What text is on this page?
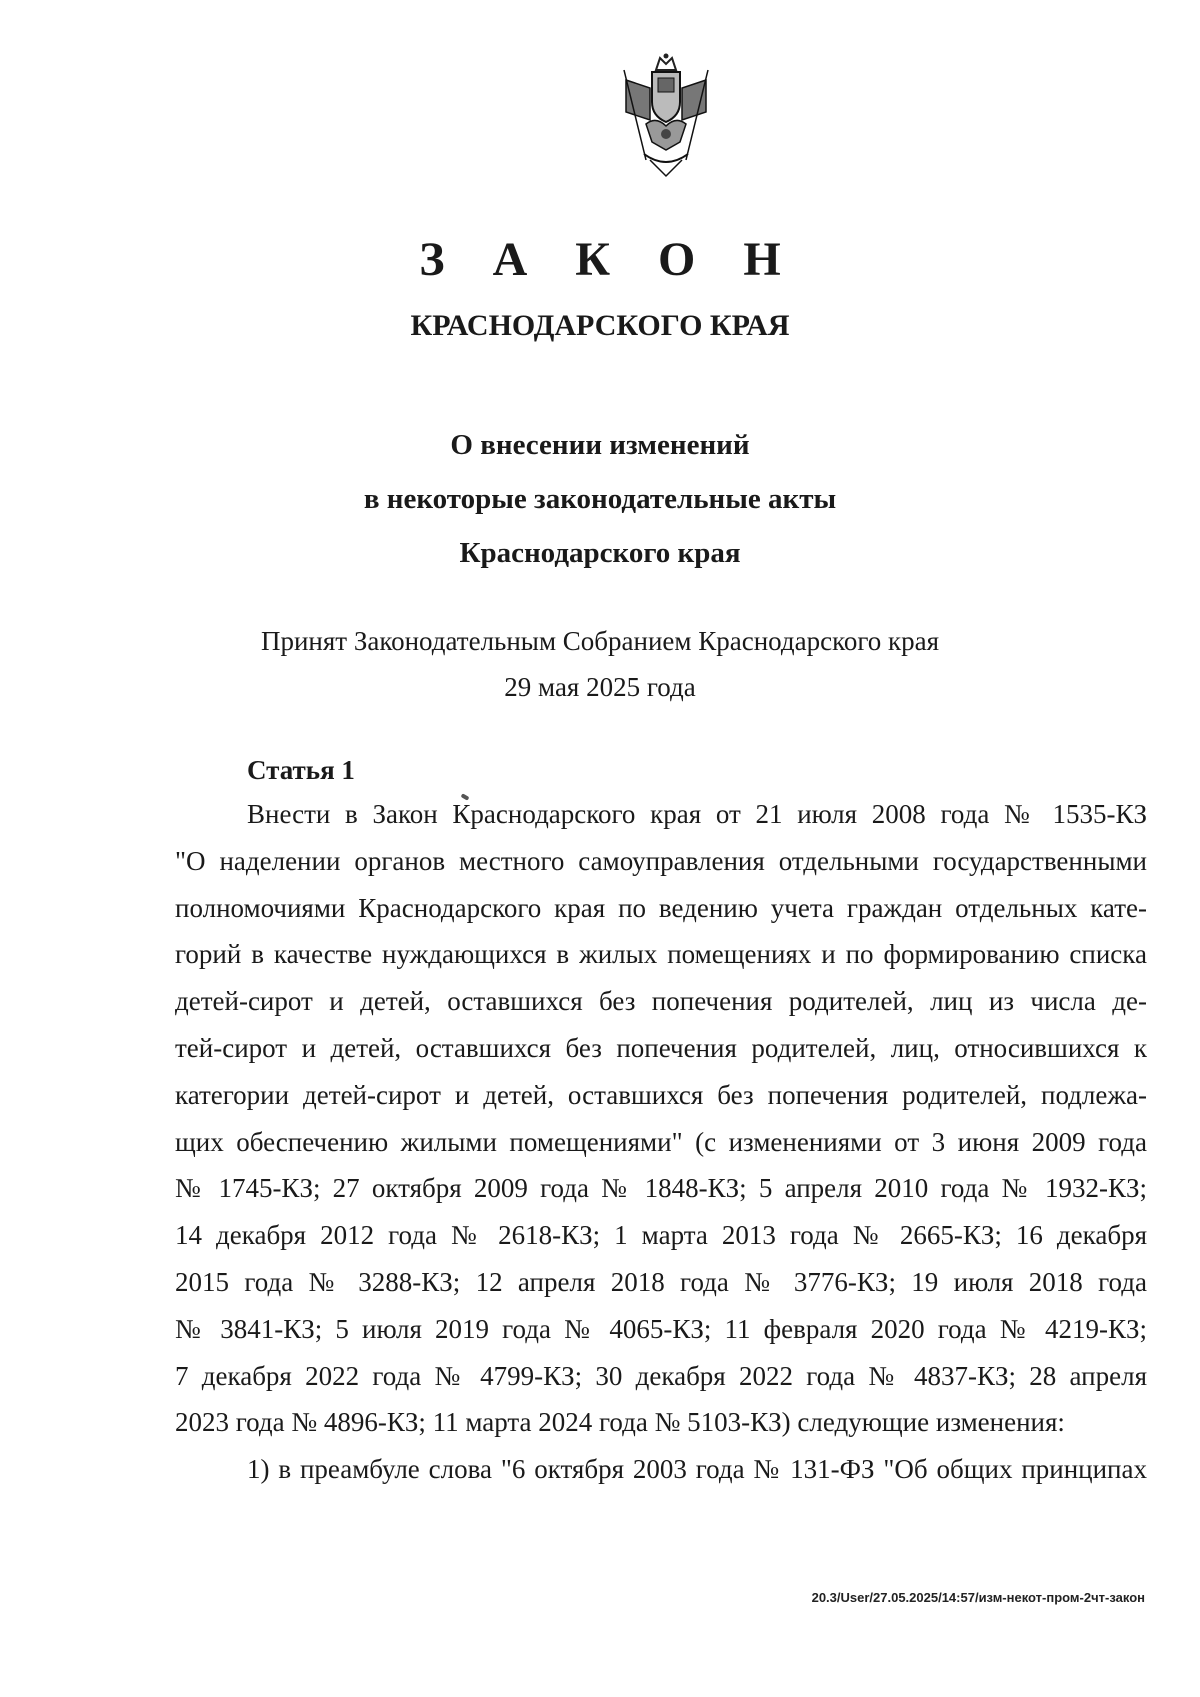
З А К О Н
КРАСНОДАРСКОГО КРАЯ
О внесении изменений
в некоторые законодательные акты
Краснодарского края
Принят Законодательным Собранием Краснодарского края
29 мая 2025 года
Статья 1
Внести в Закон Краснодарского края от 21 июля 2008 года № 1535-КЗ
"О наделении органов местного самоуправления отдельными государственными
полномочиями Краснодарского края по ведению учета граждан отдельных кате-
горий в качестве нуждающихся в жилых помещениях и по формированию списка
детей-сирот и детей, оставшихся без попечения родителей, лиц из числа де-
тей-сирот и детей, оставшихся без попечения родителей, лиц, относившихся к
категории детей-сирот и детей, оставшихся без попечения родителей, подлежа-
щих обеспечению жилыми помещениями" (с изменениями от 3 июня 2009 года
№ 1745-КЗ; 27 октября 2009 года № 1848-КЗ; 5 апреля 2010 года № 1932-КЗ;
14 декабря 2012 года № 2618-КЗ; 1 марта 2013 года № 2665-КЗ; 16 декабря
2015 года № 3288-КЗ; 12 апреля 2018 года № 3776-КЗ; 19 июля 2018 года
№ 3841-КЗ; 5 июля 2019 года № 4065-КЗ; 11 февраля 2020 года № 4219-КЗ;
7 декабря 2022 года № 4799-КЗ; 30 декабря 2022 года № 4837-КЗ; 28 апреля
2023 года № 4896-КЗ; 11 марта 2024 года № 5103-КЗ) следующие изменения:
1) в преамбуле слова "6 октября 2003 года № 131-ФЗ "Об общих принципах
20.3/User/27.05.2025/14:57/изм-некот-пром-2чт-закон
